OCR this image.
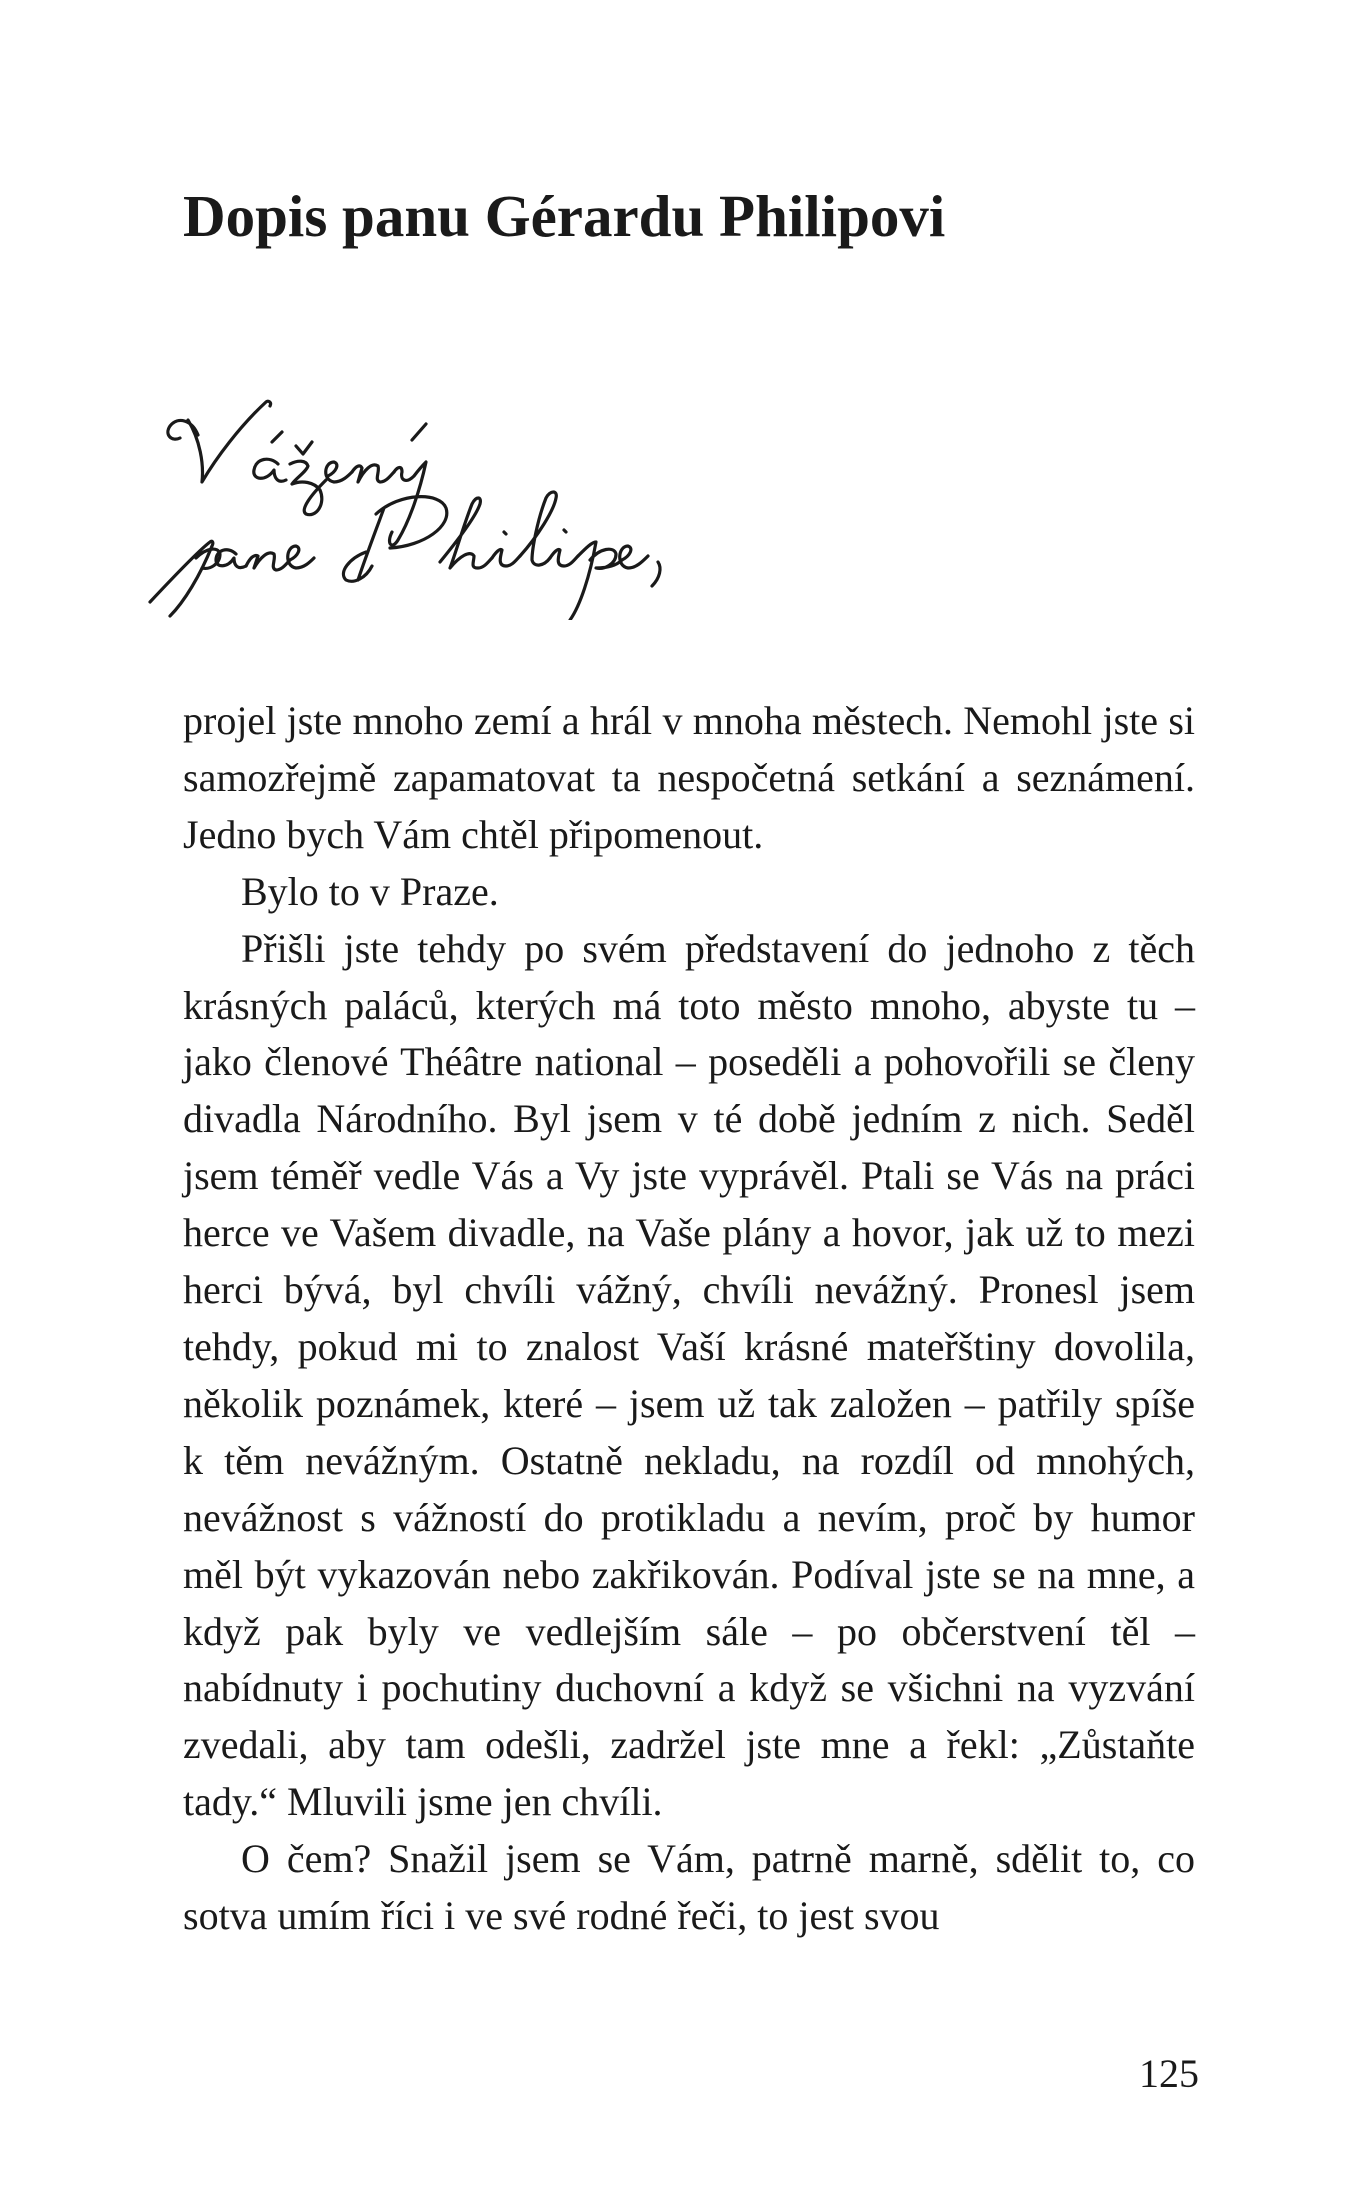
Dopis panu Gérardu Philipovi

projel jste mnoho zemí a hrál v mnoha městech. Nemohl jste si samozřejmě zapamatovat ta nespočetná setkání a seznámení. Jedno bych Vám chtěl připomenout.

Bylo to v Praze.

Přišli jste tehdy po svém představení do jednoho z těch krásných paláců, kterých má toto město mnoho, abyste tu – jako členové Théâtre national – poseděli a pohovořili se členy divadla Národního. Byl jsem v té době jedním z nich. Seděl jsem téměř vedle Vás a Vy jste vyprávěl. Ptali se Vás na práci herce ve Vašem divadle, na Vaše plány a hovor, jak už to mezi herci bývá, byl chvíli vážný, chvíli nevážný. Pronesl jsem tehdy, pokud mi to znalost Vaší krásné mateřštiny dovolila, několik poznámek, které – jsem už tak založen – patřily spíše k těm nevážným. Ostatně nekladu, na rozdíl od mnohých, nevážnost s vážností do protikladu a nevím, proč by humor měl být vykazován nebo zakřikován. Podíval jste se na mne, a když pak byly ve vedlejším sále – po občerstvení těl – nabídnuty i pochutiny duchovní a když se všichni na vyzvání zvedali, aby tam odešli, zadržel jste mne a řekl: „Zůstaňte tady.“ Mluvili jsme jen chvíli.

O čem? Snažil jsem se Vám, patrně marně, sdělit to, co sotva umím říci i ve své rodné řeči, to jest svou

125
